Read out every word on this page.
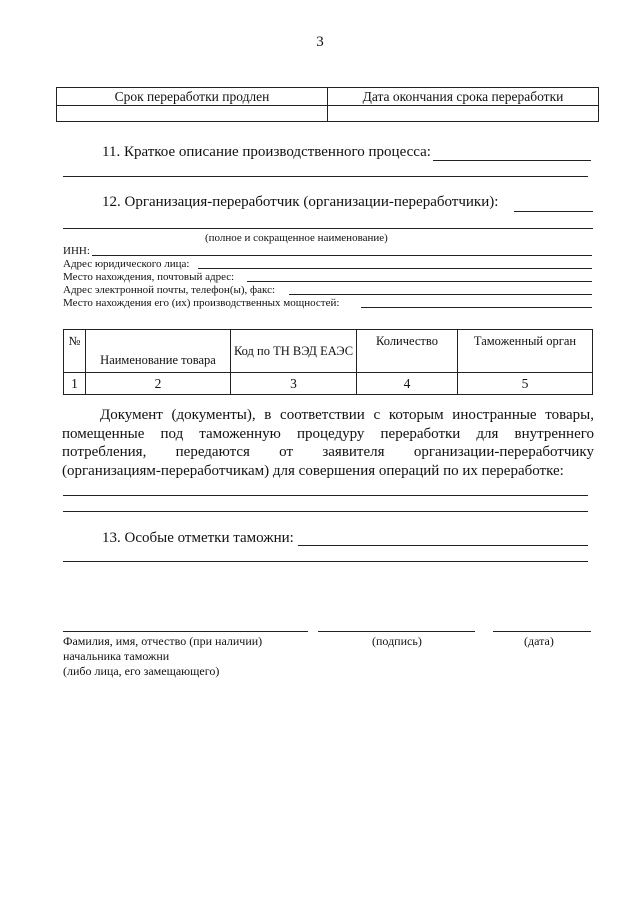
3
Срок переработки продлен	Дата окончания срока переработки

11. Краткое описание производственного процесса:
12. Организация-переработчик (организации-переработчики):
(полное и сокращенное наименование)
ИНН:
Адрес юридического лица:
Место нахождения, почтовый адрес:
Адрес электронной почты, телефон(ы), факс:
Место нахождения его (их) производственных мощностей:
№	Наименование товара	Код по ТН ВЭД ЕАЭС	Количество	Таможенный орган
1	2	3	4	5
Документ (документы), в соответствии с которым иностранные товары, помещенные под таможенную процедуру переработки для внутреннего потребления, передаются от заявителя организации-переработчику (организациям-переработчикам) для совершения операций по их переработке:
13. Особые отметки таможни:
Фамилия, имя, отчество (при наличии)
начальника таможни
(либо лица, его замещающего)
(подпись)	(дата)
